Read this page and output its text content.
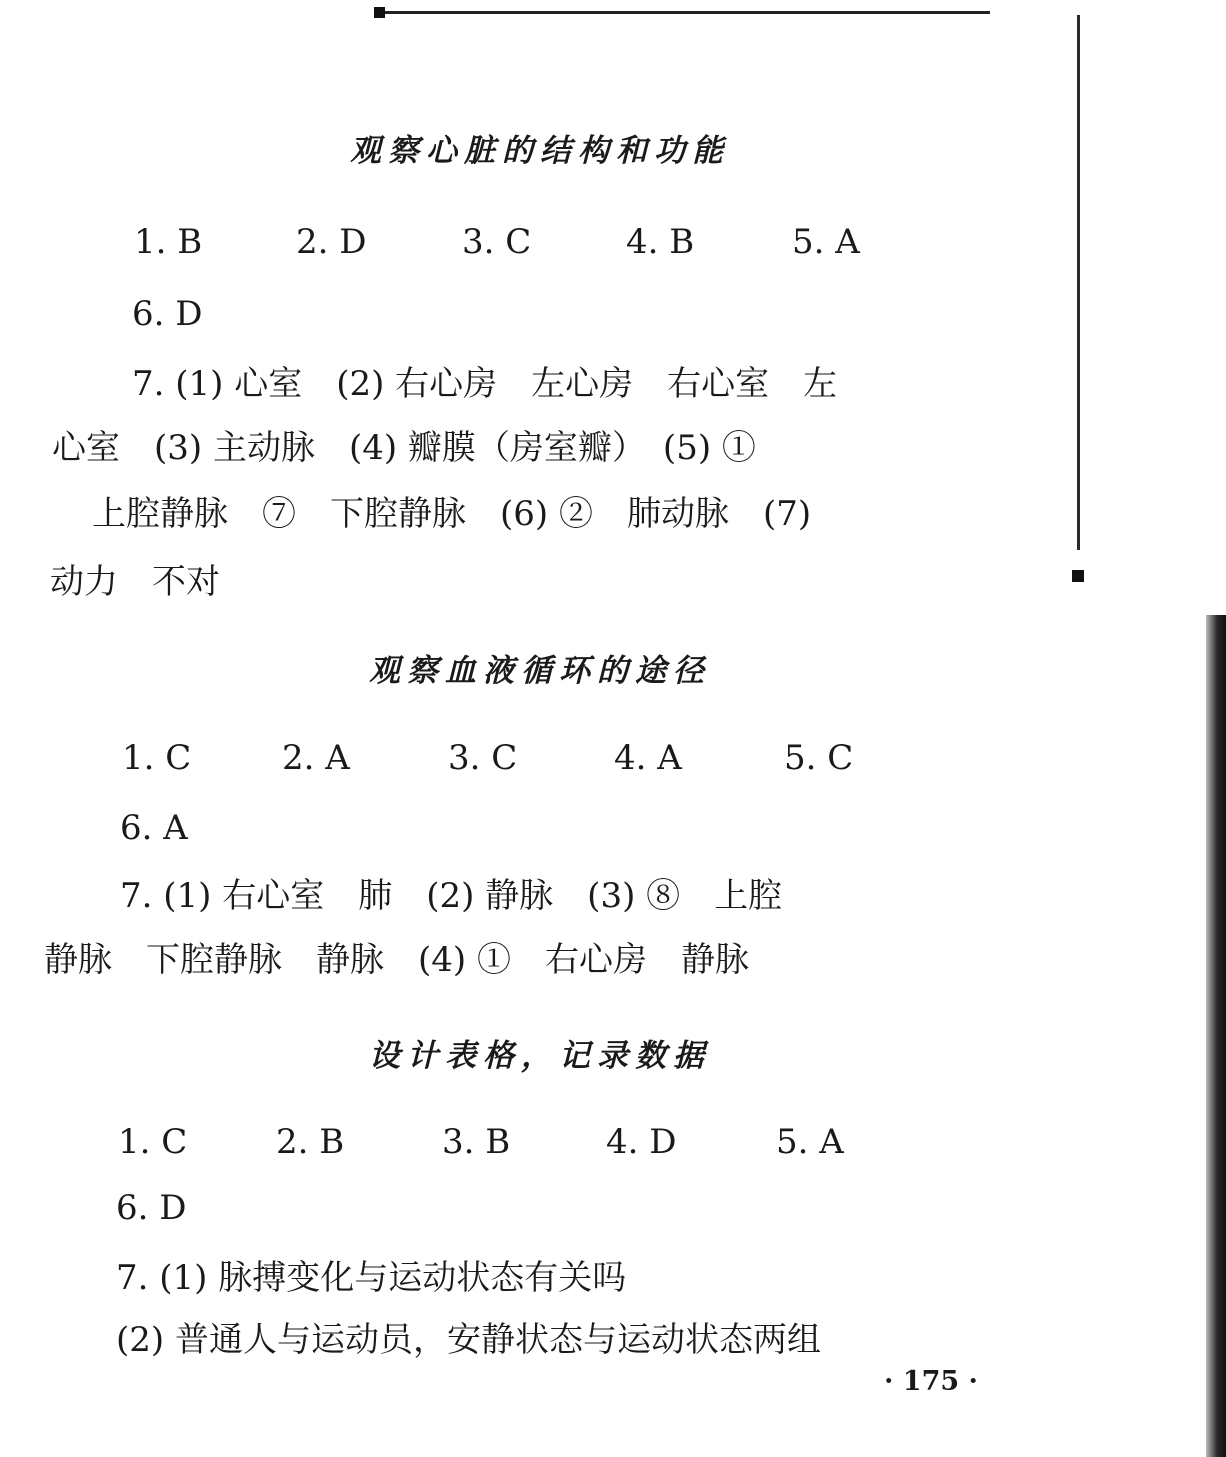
观察心脏的结构和功能
1. B	2. D	3. C	4. B	5. A
6. D
7. (1) 心室　(2) 右心房　左心房　右心室　左
心室　(3) 主动脉　(4) 瓣膜（房室瓣）　(5) ①
上腔静脉　⑦　下腔静脉　(6) ②　肺动脉　(7)
动力　不对
观察血液循环的途径
1. C	2. A	3. C	4. A	5. C
6. A
7. (1) 右心室　肺　(2) 静脉　(3) ⑧　上腔
静脉　下腔静脉　静脉　(4) ①　右心房　静脉
设计表格，记录数据
1. C	2. B	3. B	4. D	5. A
6. D
7. (1) 脉搏变化与运动状态有关吗
(2) 普通人与运动员，安静状态与运动状态两组
· 175 ·
